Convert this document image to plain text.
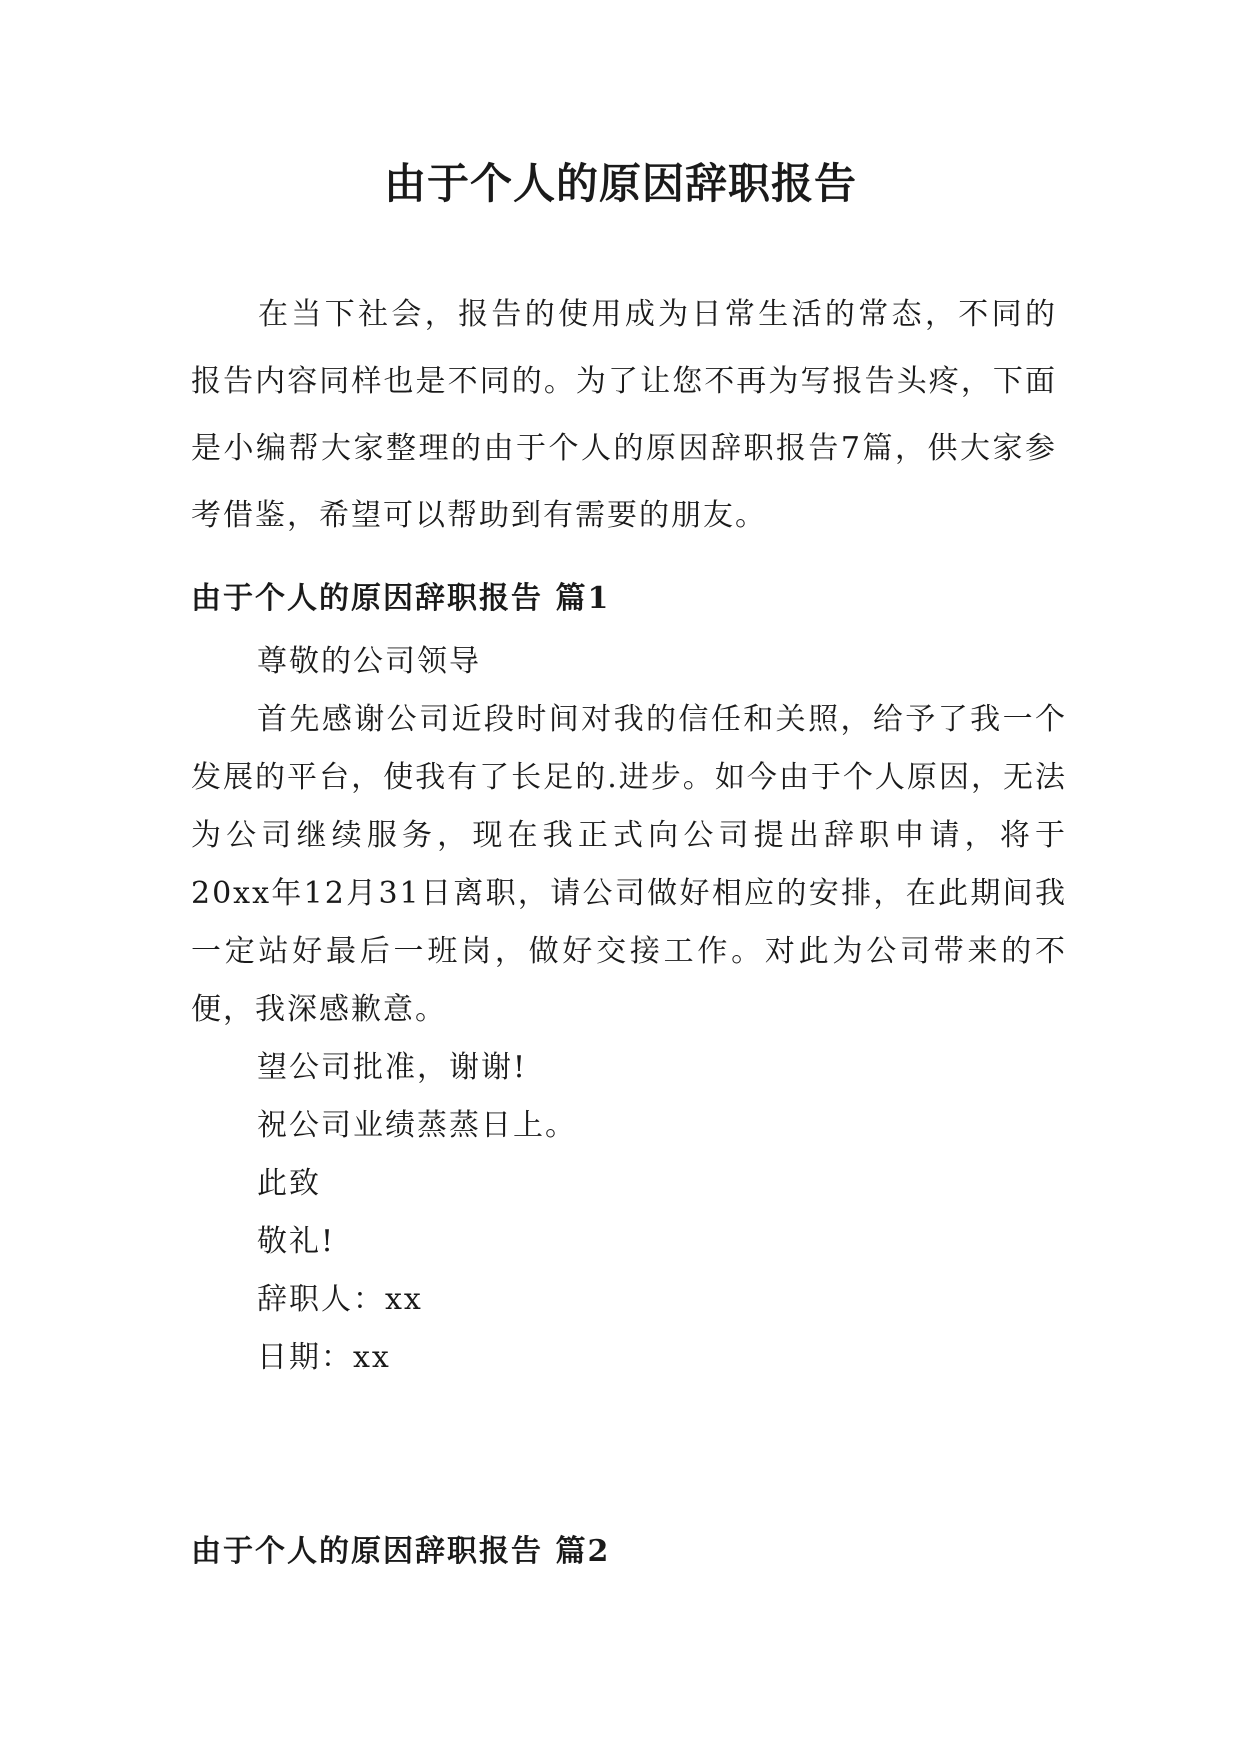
由于个人的原因辞职报告

在当下社会，报告的使用成为日常生活的常态，不同的报告内容同样也是不同的。为了让您不再为写报告头疼，下面是小编帮大家整理的由于个人的原因辞职报告7篇，供大家参考借鉴，希望可以帮助到有需要的朋友。

由于个人的原因辞职报告 篇1

尊敬的公司领导

首先感谢公司近段时间对我的信任和关照，给予了我一个发展的平台，使我有了长足的.进步。如今由于个人原因，无法为公司继续服务，现在我正式向公司提出辞职申请，将于20xx年12月31日离职，请公司做好相应的安排，在此期间我一定站好最后一班岗，做好交接工作。对此为公司带来的不便，我深感歉意。

望公司批准，谢谢!

祝公司业绩蒸蒸日上。

此致

敬礼!

辞职人：xx

日期：xx

由于个人的原因辞职报告 篇2
